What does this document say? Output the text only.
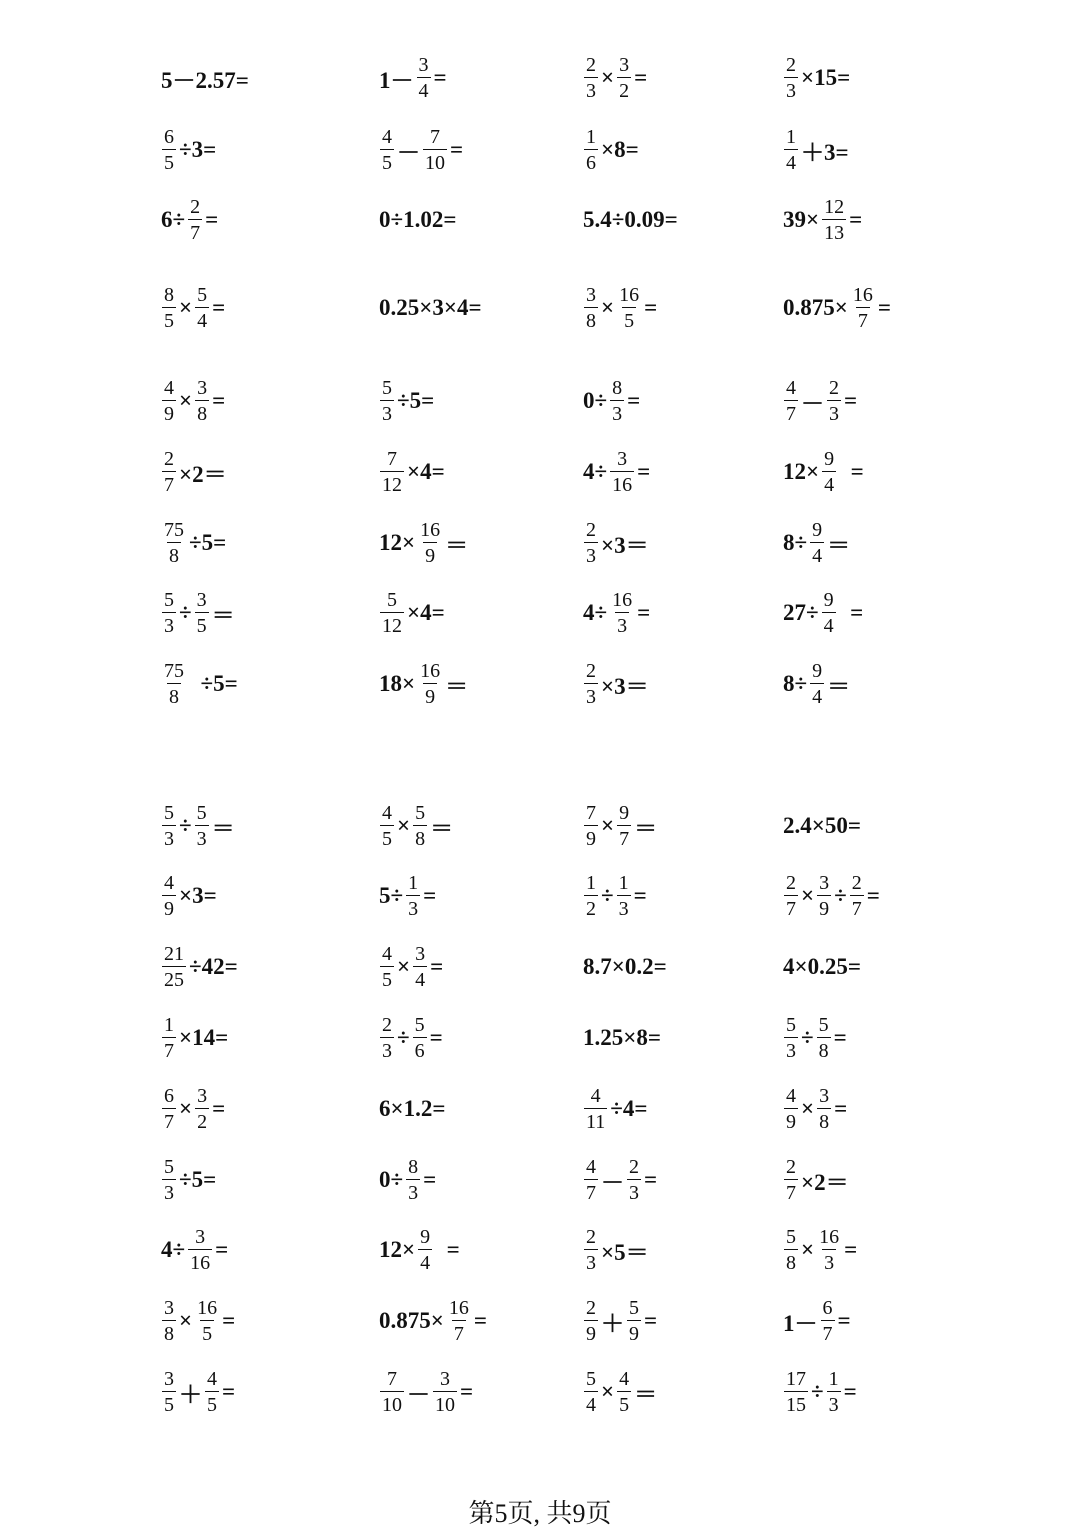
5－2.57=	$1- \frac{3}{4}$ =	$\frac{2}{3} \times \frac{3}{2}$ =	$\frac{2}{3} \times 15=$
$\frac{6}{5} \div 3=$	$\frac{4}{5} - \frac{7}{10}$ =	$\frac{1}{6} \times 8=$	$\frac{1}{4} +3=$
$6\div \frac{2}{7}$ =	0÷1.02=	5.4÷0.09=	$39\times \frac{12}{13}$ =
$\frac{8}{5} \times \frac{5}{4}$ =	0.25×3×4=	$\frac{3}{8} \times \frac{16}{5}$ =	$0.875\times \frac{16}{7}$ =
$\frac{4}{9} \times \frac{3}{8}$ =	$\frac{5}{3} \div 5=$	$0\div \frac{8}{3}$ =	$\frac{4}{7} - \frac{2}{3}$ =
$\frac{2}{7} \times 2=$	$\frac{7}{12} \times 4=$	$4\div \frac{3}{16}$ =	$12\times \frac{9}{4}$ =
$\frac{75}{8} \div 5=$	$12\times \frac{16}{9}$ ＝	$\frac{2}{3} \times 3=$	$8\div \frac{9}{4}$ ＝
$\frac{5}{3} \div \frac{3}{5}$ ＝	$\frac{5}{12} \times 4=$	$4\div \frac{16}{3}$ =	$27\div \frac{9}{4}$ =
$\frac{75}{8} \div 5=$	$18\times \frac{16}{9}$ ＝	$\frac{2}{3} \times 3=$	$8\div \frac{9}{4}$ ＝
$\frac{5}{3} \div \frac{5}{3}$ ＝	$\frac{4}{5} \times \frac{5}{8}$ ＝	$\frac{7}{9} \times \frac{9}{7}$ ＝	2.4×50=
$\frac{4}{9} \times 3=$	$5\div \frac{1}{3}$ =	$\frac{1}{2} \div \frac{1}{3}$ =	$\frac{2}{7} \times \frac{3}{9} \div \frac{2}{7}$ =
$\frac{21}{25} \div 42=$	$\frac{4}{5} \times \frac{3}{4}$ =	8.7×0.2=	4×0.25=
$\frac{1}{7} \times 14=$	$\frac{2}{3} \div \frac{5}{6}$ =	1.25×8=	$\frac{5}{3} \div \frac{5}{8}$ =
$\frac{6}{7} \times \frac{3}{2}$ =	6×1.2=	$\frac{4}{11} \div 4=$	$\frac{4}{9} \times \frac{3}{8}$ =
$\frac{5}{3} \div 5=$	$0\div \frac{8}{3}$ =	$\frac{4}{7} - \frac{2}{3}$ =	$\frac{2}{7} \times 2=$
$4\div \frac{3}{16}$ =	$12\times \frac{9}{4}$ =	$\frac{2}{3} \times 5=$	$\frac{5}{8} \times \frac{16}{3}$ =
$\frac{3}{8} \times \frac{16}{5}$ =	$0.875\times \frac{16}{7}$ =	$\frac{2}{9} + \frac{5}{9}$ =	$1- \frac{6}{7}$ =
$\frac{3}{5} + \frac{4}{5}$ =	$\frac{7}{10} - \frac{3}{10}$ =	$\frac{5}{4} \times \frac{4}{5}$ ＝	$\frac{17}{15} \div \frac{1}{3}$ =
第5页, 共9页
